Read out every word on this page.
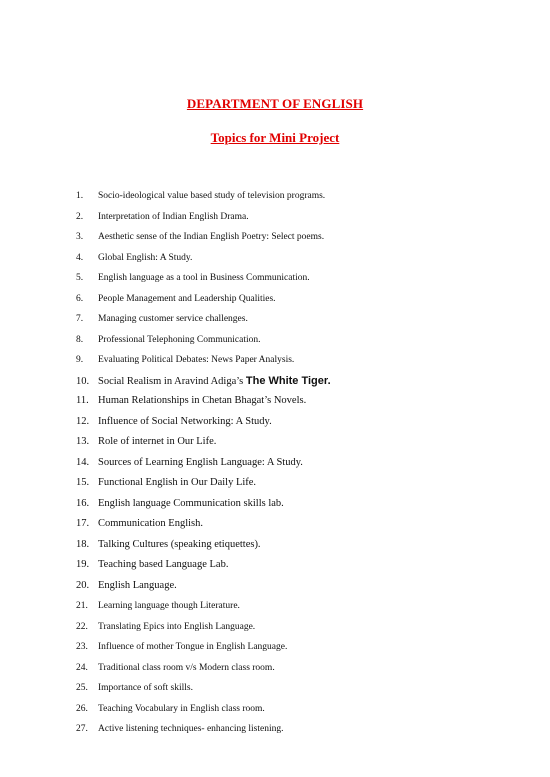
DEPARTMENT OF ENGLISH
Topics for Mini Project
1. Socio-ideological value based study of television programs.
2. Interpretation of Indian English Drama.
3. Aesthetic sense of the Indian English Poetry: Select poems.
4. Global English: A Study.
5. English language as a tool in Business Communication.
6. People Management and Leadership Qualities.
7. Managing customer service challenges.
8. Professional Telephoning Communication.
9. Evaluating Political Debates: News Paper Analysis.
10. Social Realism in Aravind Adiga’s The White Tiger.
11. Human Relationships in Chetan Bhagat’s Novels.
12. Influence of Social Networking: A Study.
13. Role of internet in Our Life.
14. Sources of Learning English Language: A Study.
15. Functional English in Our Daily Life.
16. English language Communication skills lab.
17. Communication English.
18. Talking Cultures (speaking etiquettes).
19. Teaching based Language Lab.
20. English Language.
21. Learning language though Literature.
22. Translating Epics into English Language.
23. Influence of mother Tongue in English Language.
24. Traditional class room v/s Modern class room.
25. Importance of soft skills.
26. Teaching Vocabulary in English class room.
27. Active listening techniques- enhancing listening.
